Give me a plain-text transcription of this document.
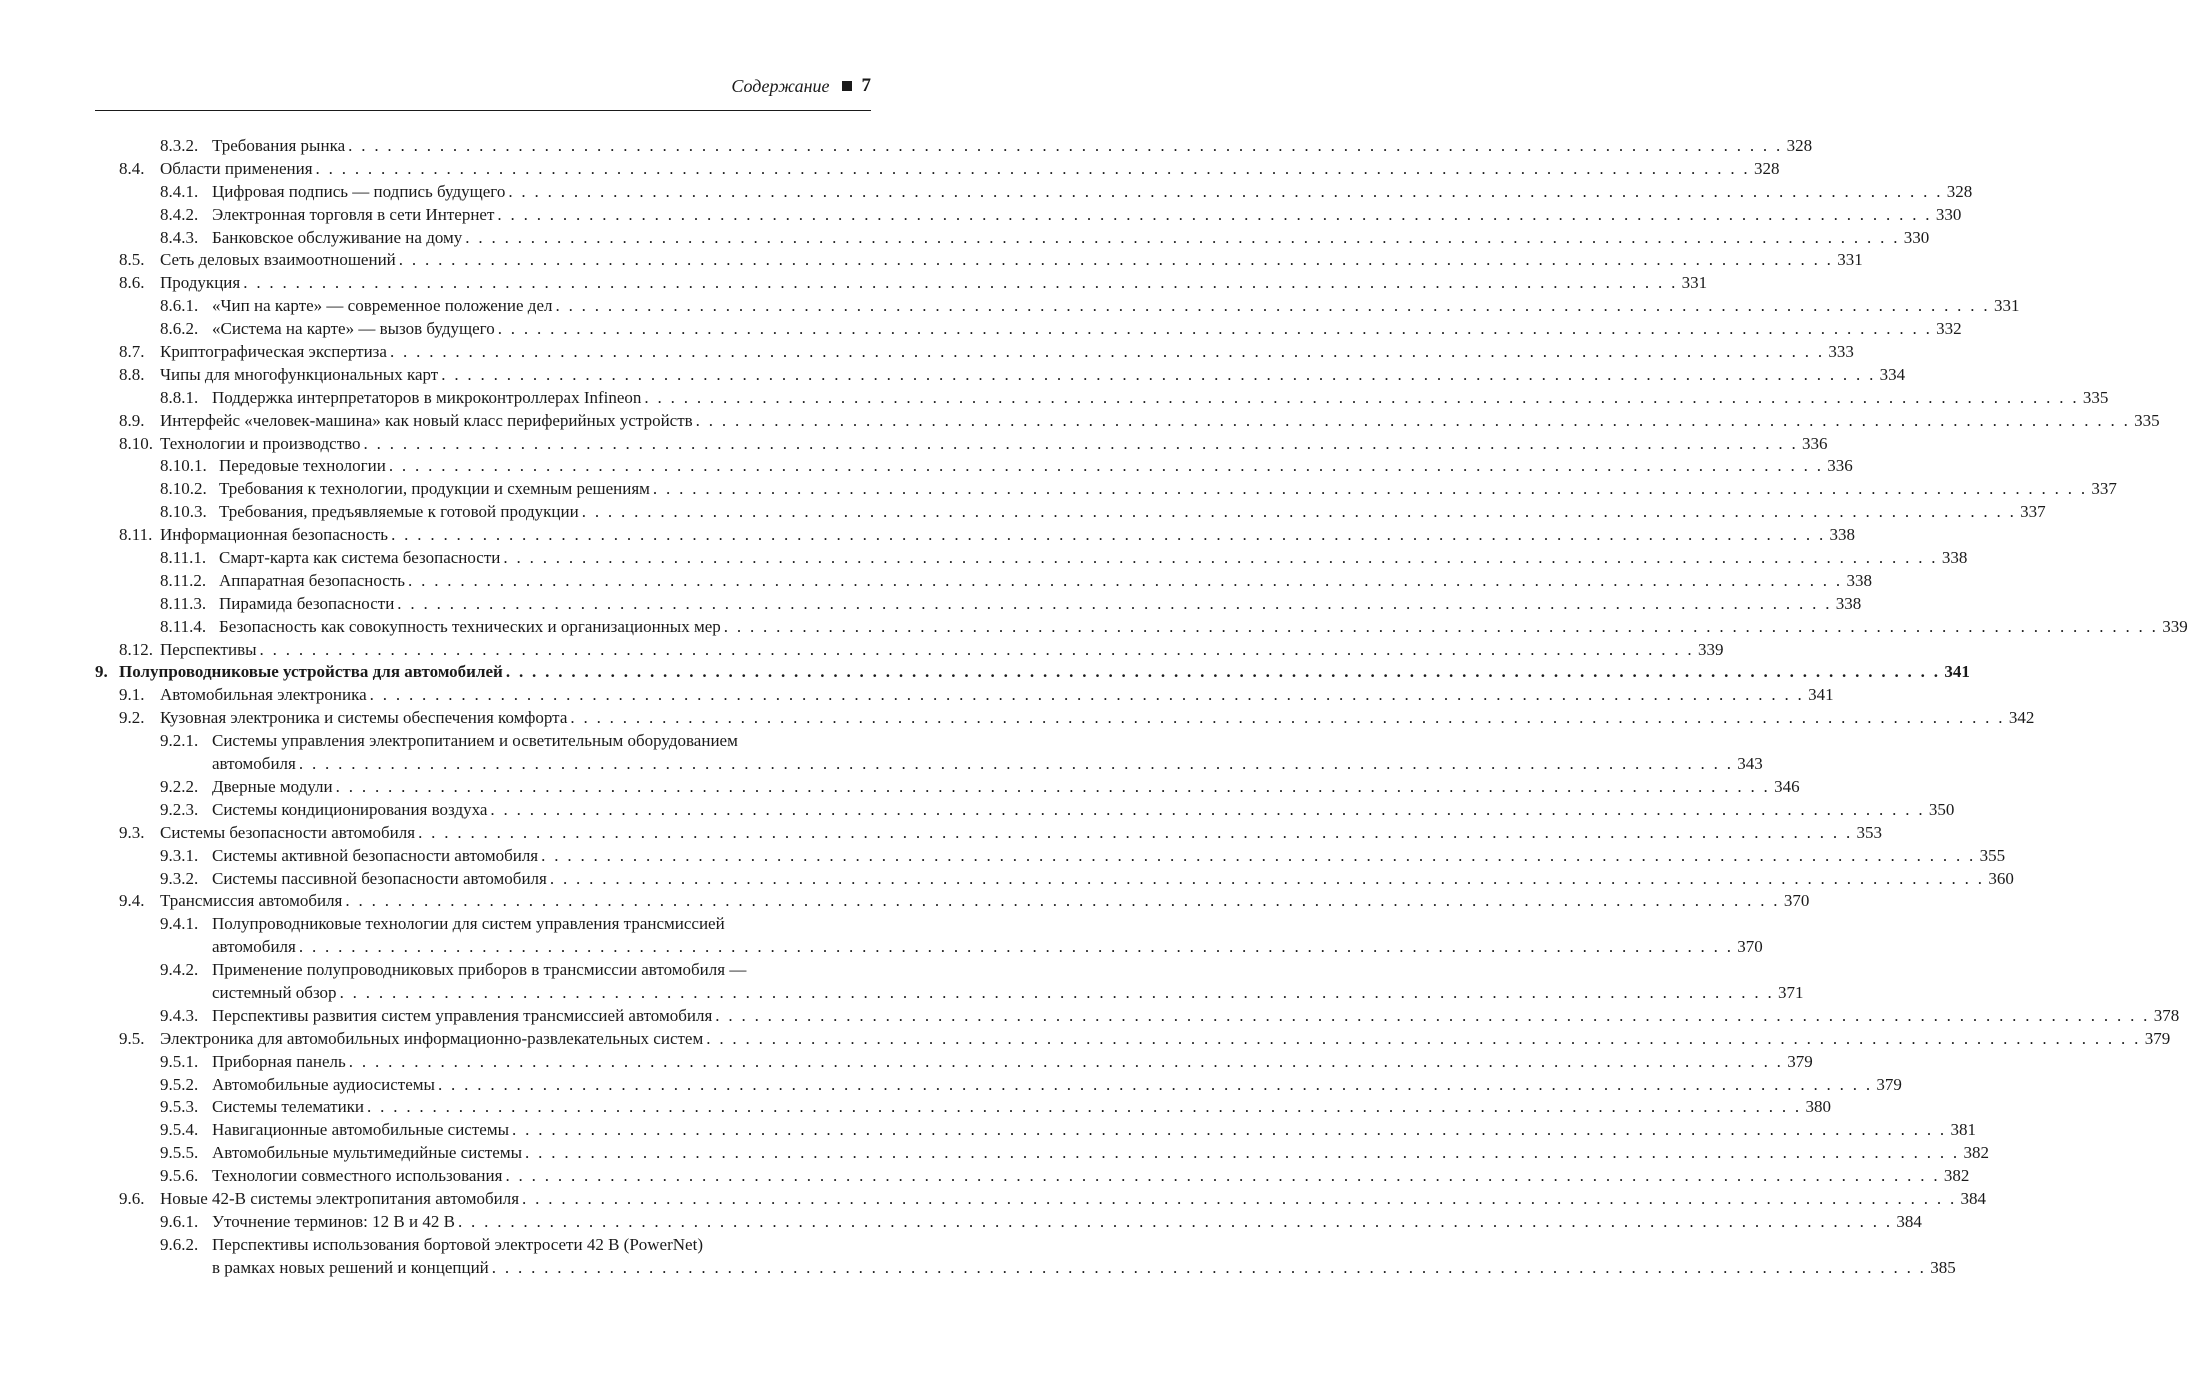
Содержание 7
8.3.2. Требования рынка . . .	328
8.4. Области применения . . .	328
8.4.1. Цифровая подпись — подпись будущего . . .	328
8.4.2. Электронная торговля в сети Интернет . . .	330
8.4.3. Банковское обслуживание на дому . . .	330
8.5. Сеть деловых взаимоотношений . . .	331
8.6. Продукция . . .	331
8.6.1. «Чип на карте» — современное положение дел . . .	331
8.6.2. «Система на карте» — вызов будущего . . .	332
8.7. Криптографическая экспертиза . . .	333
8.8. Чипы для многофункциональных карт . . .	334
8.8.1. Поддержка интерпретаторов в микроконтроллерах Infineon . . .	335
8.9. Интерфейс «человек-машина» как новый класс периферийных устройств . . .	335
8.10. Технологии и производство . . .	336
8.10.1. Передовые технологии . . .	336
8.10.2. Требования к технологии, продукции и схемным решениям . . .	337
8.10.3. Требования, предъявляемые к готовой продукции . . .	337
8.11. Информационная безопасность . . .	338
8.11.1. Смарт-карта как система безопасности . . .	338
8.11.2. Аппаратная безопасность . . .	338
8.11.3. Пирамида безопасности . . .	338
8.11.4. Безопасность как совокупность технических и организационных мер . . .	339
8.12. Перспективы . . .	339
9. Полупроводниковые устройства для автомобилей . . .	341
9.1. Автомобильная электроника . . .	341
9.2. Кузовная электроника и системы обеспечения комфорта . . .	342
9.2.1. Системы управления электропитанием и осветительным оборудованием
автомобиля . . .	343
9.2.2. Дверные модули . . .	346
9.2.3. Системы кондиционирования воздуха . . .	350
9.3. Системы безопасности автомобиля . . .	353
9.3.1. Системы активной безопасности автомобиля . . .	355
9.3.2. Системы пассивной безопасности автомобиля . . .	360
9.4. Трансмиссия автомобиля . . .	370
9.4.1. Полупроводниковые технологии для систем управления трансмиссией
автомобиля . . .	370
9.4.2. Применение полупроводниковых приборов в трансмиссии автомобиля —
системный обзор . . .	371
9.4.3. Перспективы развития систем управления трансмиссией автомобиля . . .	378
9.5. Электроника для автомобильных информационно-развлекательных систем . . .	379
9.5.1. Приборная панель . . .	379
9.5.2. Автомобильные аудиосистемы . . .	379
9.5.3. Системы телематики . . .	380
9.5.4. Навигационные автомобильные системы . . .	381
9.5.5. Автомобильные мультимедийные системы . . .	382
9.5.6. Технологии совместного использования . . .	382
9.6. Новые 42-В системы электропитания автомобиля . . .	384
9.6.1. Уточнение терминов: 12 В и 42 В . . .	384
9.6.2. Перспективы использования бортовой электросети 42 В (PowerNet)
в рамках новых решений и концепций . . .	385
